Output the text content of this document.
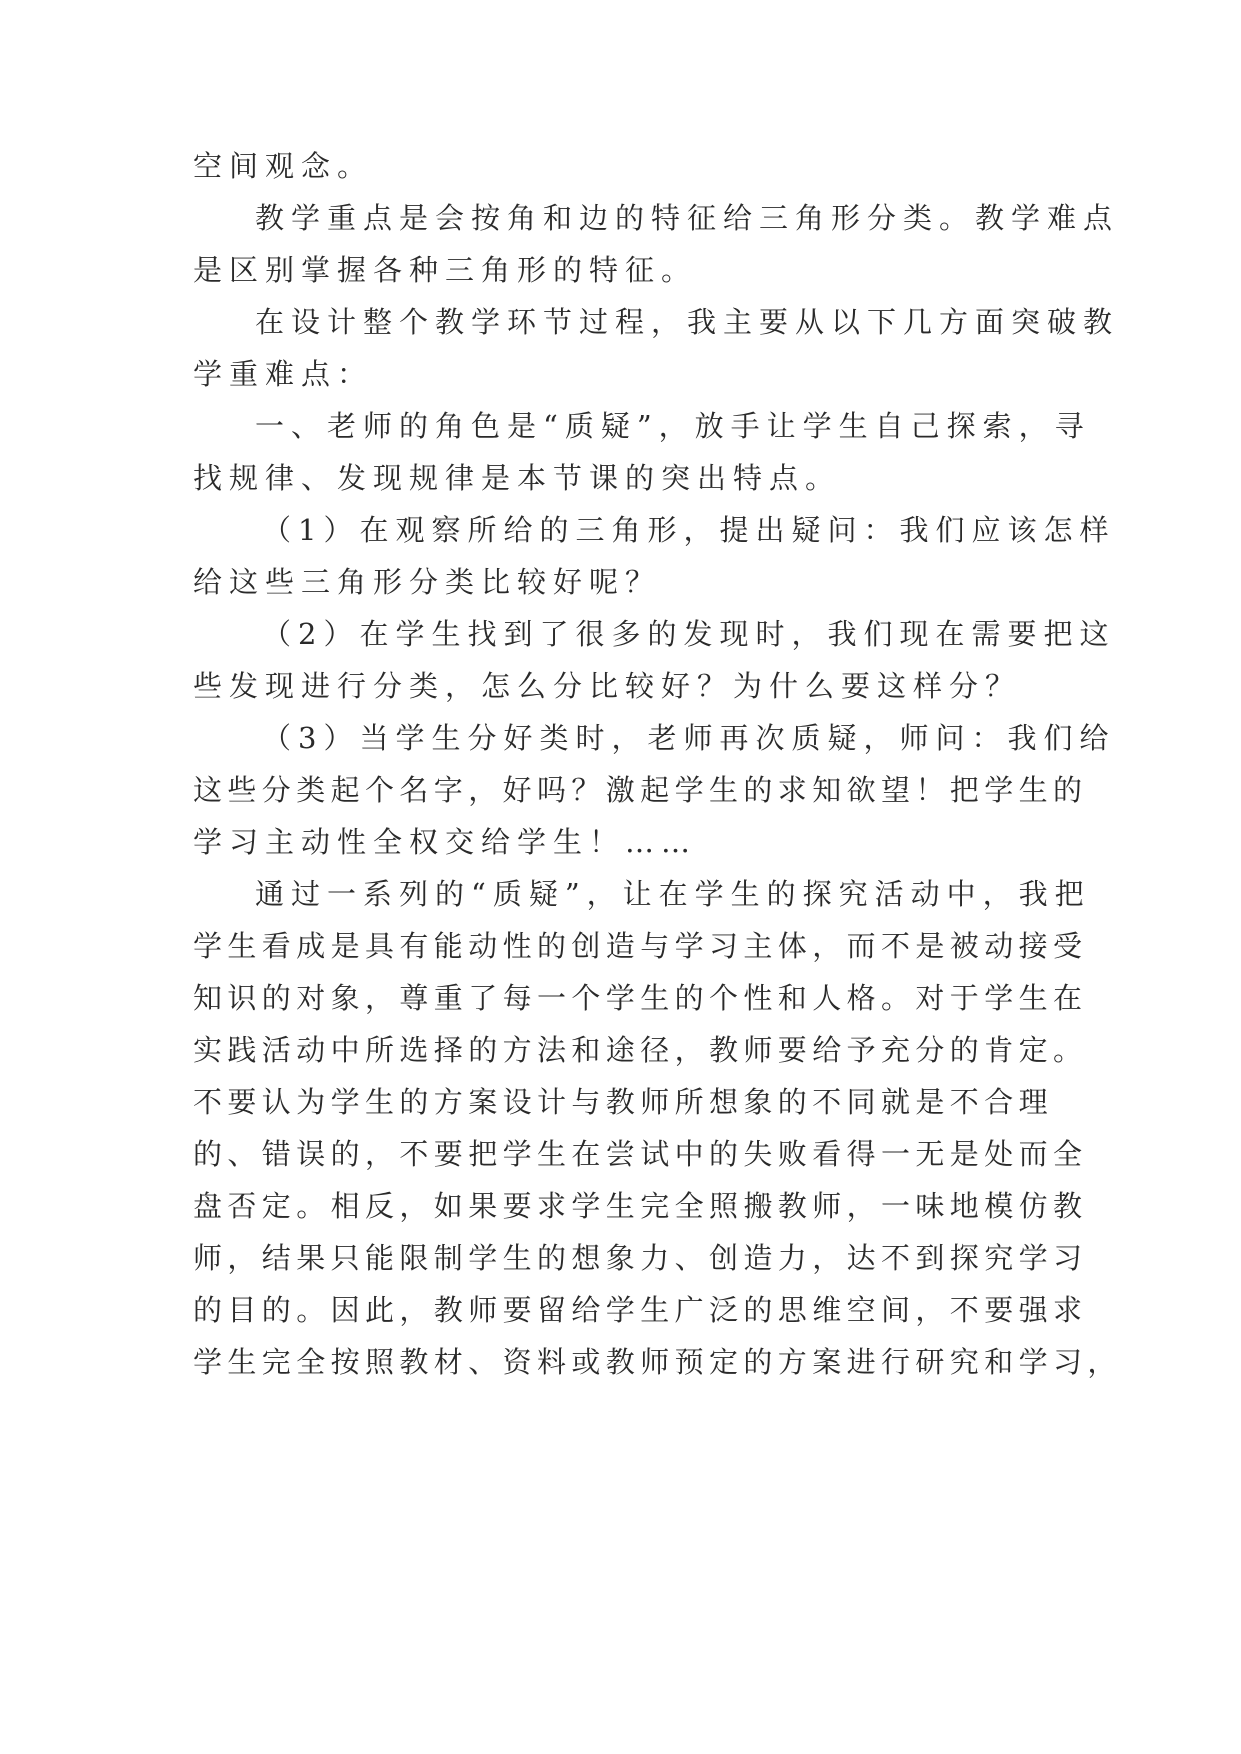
空间观念。
教学重点是会按角和边的特征给三角形分类。教学难点
是区别掌握各种三角形的特征。
在设计整个教学环节过程，我主要从以下几方面突破教
学重难点：
一、老师的角色是“质疑”，放手让学生自己探索，寻
找规律、发现规律是本节课的突出特点。
（1）在观察所给的三角形，提出疑问：我们应该怎样
给这些三角形分类比较好呢？
（2）在学生找到了很多的发现时，我们现在需要把这
些发现进行分类，怎么分比较好？为什么要这样分？
（3）当学生分好类时，老师再次质疑，师问：我们给
这些分类起个名字，好吗？激起学生的求知欲望！把学生的
学习主动性全权交给学生！……
通过一系列的“质疑”，让在学生的探究活动中，我把
学生看成是具有能动性的创造与学习主体，而不是被动接受
知识的对象，尊重了每一个学生的个性和人格。对于学生在
实践活动中所选择的方法和途径，教师要给予充分的肯定。
不要认为学生的方案设计与教师所想象的不同就是不合理
的、错误的，不要把学生在尝试中的失败看得一无是处而全
盘否定。相反，如果要求学生完全照搬教师，一味地模仿教
师，结果只能限制学生的想象力、创造力，达不到探究学习
的目的。因此，教师要留给学生广泛的思维空间，不要强求
学生完全按照教材、资料或教师预定的方案进行研究和学习，
